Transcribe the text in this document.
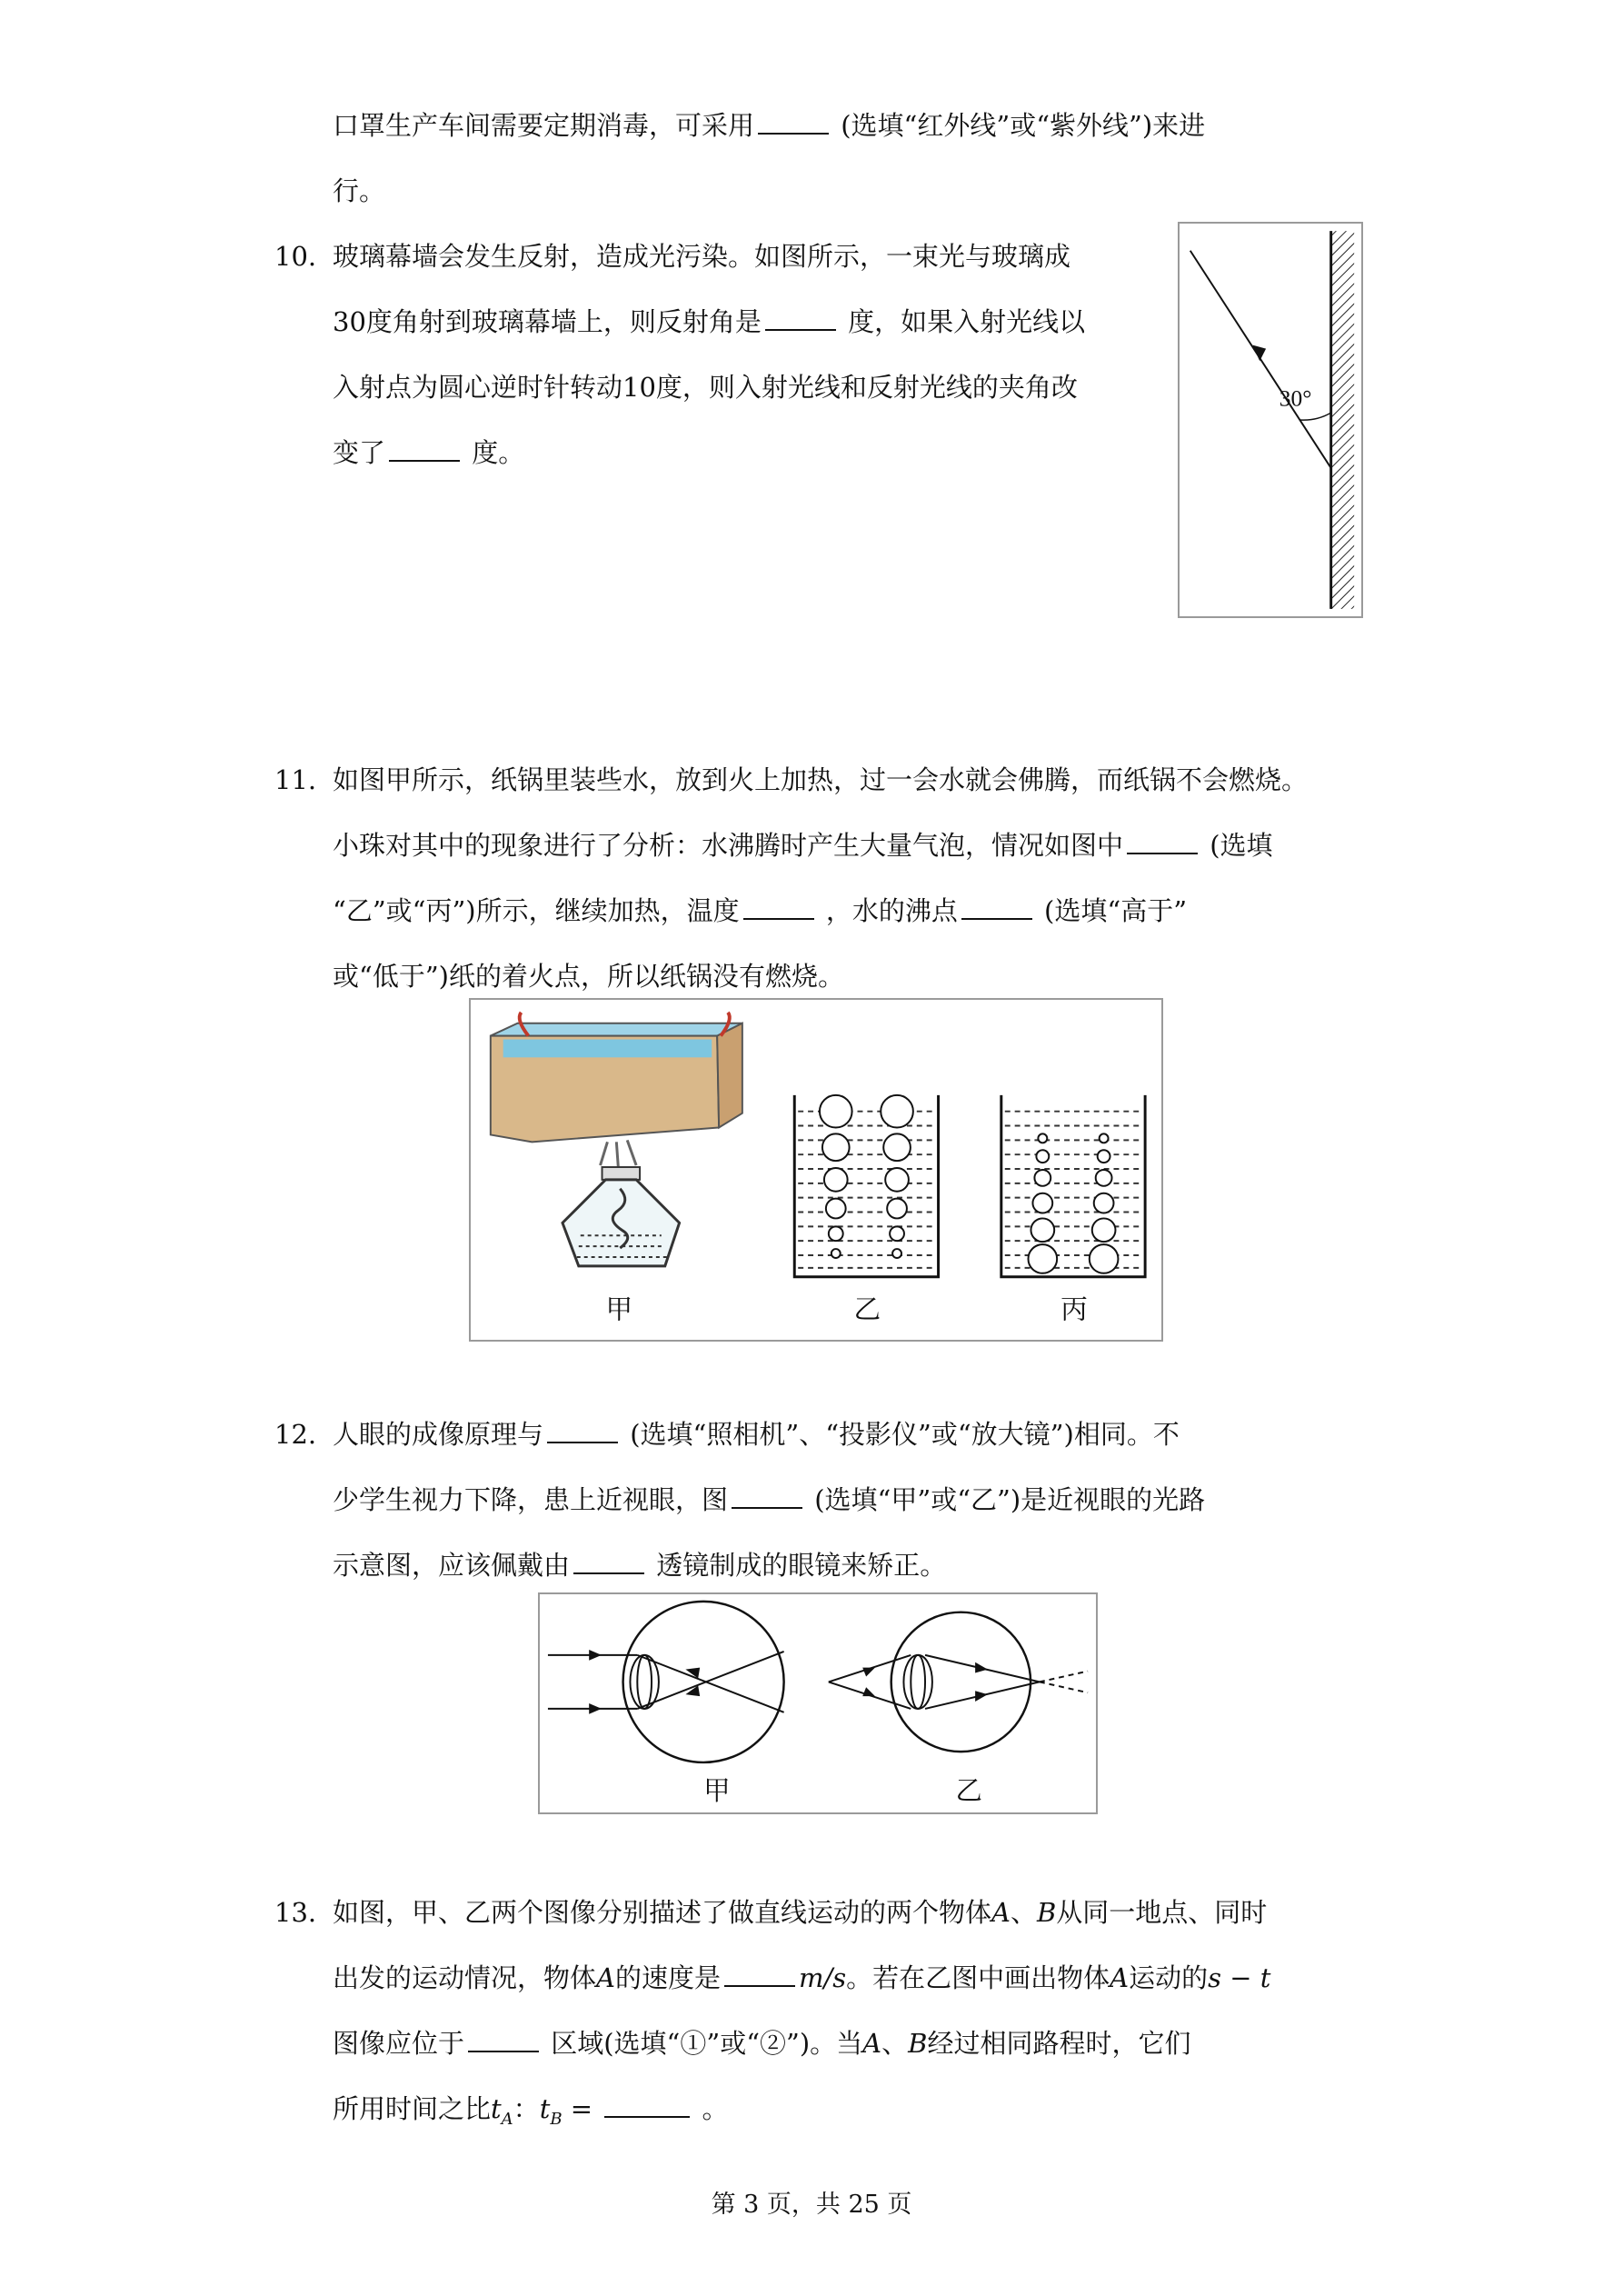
口罩生产车间需要定期消毒，可采用	(选填“红外线”或“紫外线”)来进
行。
10. 玻璃幕墙会发生反射，造成光污染。如图所示，一束光与玻璃成
30度角射到玻璃幕墙上，则反射角是	度，如果入射光线以
入射点为圆心逆时针转动10度，则入射光线和反射光线的夹角改
变了	度。
30°
11. 如图甲所示，纸锅里装些水，放到火上加热，过一会水就会佛腾，而纸锅不会燃烧。
小珠对其中的现象进行了分析：水沸腾时产生大量气泡，情况如图中	(选填
“乙”或“丙”)所示，继续加热，温度	，水的沸点	(选填“高于”
或“低于”)纸的着火点，所以纸锅没有燃烧。
甲	乙	丙
12. 人眼的成像原理与	(选填“照相机”、“投影仪”或“放大镜”)相同。不
少学生视力下降，患上近视眼，图	(选填“甲”或“乙”)是近视眼的光路
示意图，应该佩戴由	透镜制成的眼镜来矫正。
甲	乙
13. 如图，甲、乙两个图像分别描述了做直线运动的两个物体A、B从同一地点、同时
出发的运动情况，物体A的速度是	m/s。若在乙图中画出物体A运动的s − t
图像应位于	区域(选填“①”或“②”)。当A、B经过相同路程时，它们
所用时间之比$t_A$：$t_B$ =	。
第 3 页，共 25 页
